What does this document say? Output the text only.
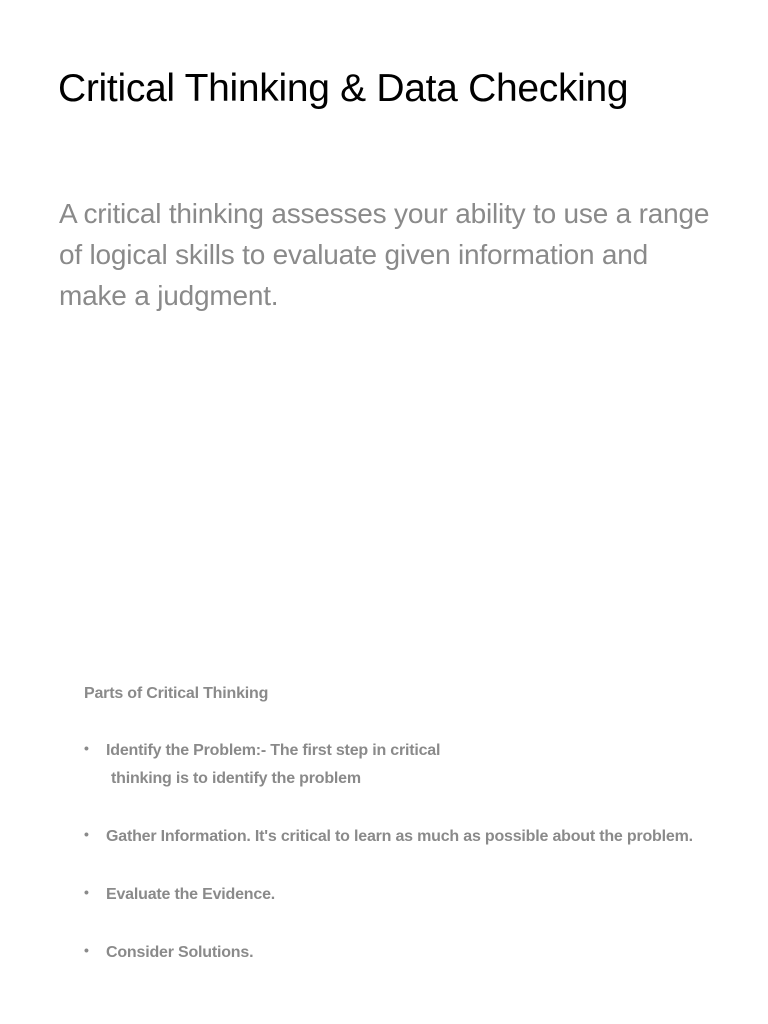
Critical Thinking & Data Checking

A critical thinking assesses your ability to use a range of logical skills to evaluate given information and make a judgment.

Parts of Critical Thinking

• Identify the Problem:- The first step in critical
thinking is to identify the problem
• Gather Information. It's critical to learn as much as possible about the problem.
• Evaluate the Evidence.
• Consider Solutions.
